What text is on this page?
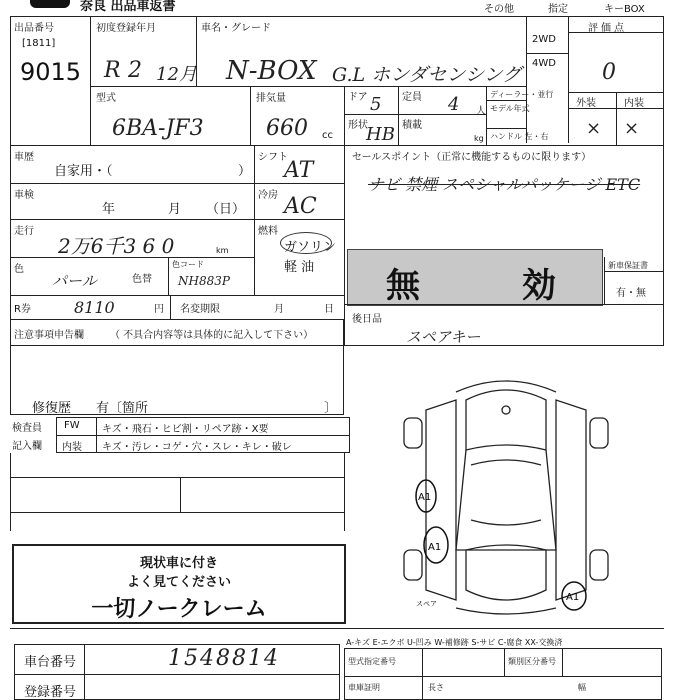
奈良 出品車返書	その他	指定	キーBOX
出品番号
[1811]
9015
初度登録年月
R 2 12月
車名・グレード
N-BOX G.L ホンダセンシング
2WD
4WD
評価点
0
型式
6BA-JF3
排気量
660 cc
ドア 5 定員 4 人
形状
HB 積載
kg
ディーラー・並行
モデル年式
ハンドル 左・右
外装	内装
× ×
車歴
自家用・（	）
シフト
AT
車検
年	月 （日）
冷房 AC
走行
2万6千3 6 0	km
燃料
ガソリン
軽 油
色
パール	色替
色コード
NH883P
R券	8110	円 名変期限	月	日
セールスポイント（正常に機能するものに限ります）
ナビ 禁煙 スペシャルパッケージ ETC
無	効
新車保証書
有・無
後日品
スペアキー
注意事項申告欄	（ 不具合内容等は具体的に記入して下さい）
修復歴 有〔箇所	〕
検査員
記入欄
FW キズ・飛石・ヒビ割・リペア跡・X要
内装 キズ・汚レ・コゲ・穴・スレ・キレ・破レ
現状車に付き
よく見てください
一切ノークレーム
A1
A1
A1
スペア
A-キズ E-エクボ U-凹み W-補修跡 S-サビ C-腐食 XX-交換済
車台番号	1548814
登録番号
型式指定番号	類別区分番号
車庫証明	長さ	幅
